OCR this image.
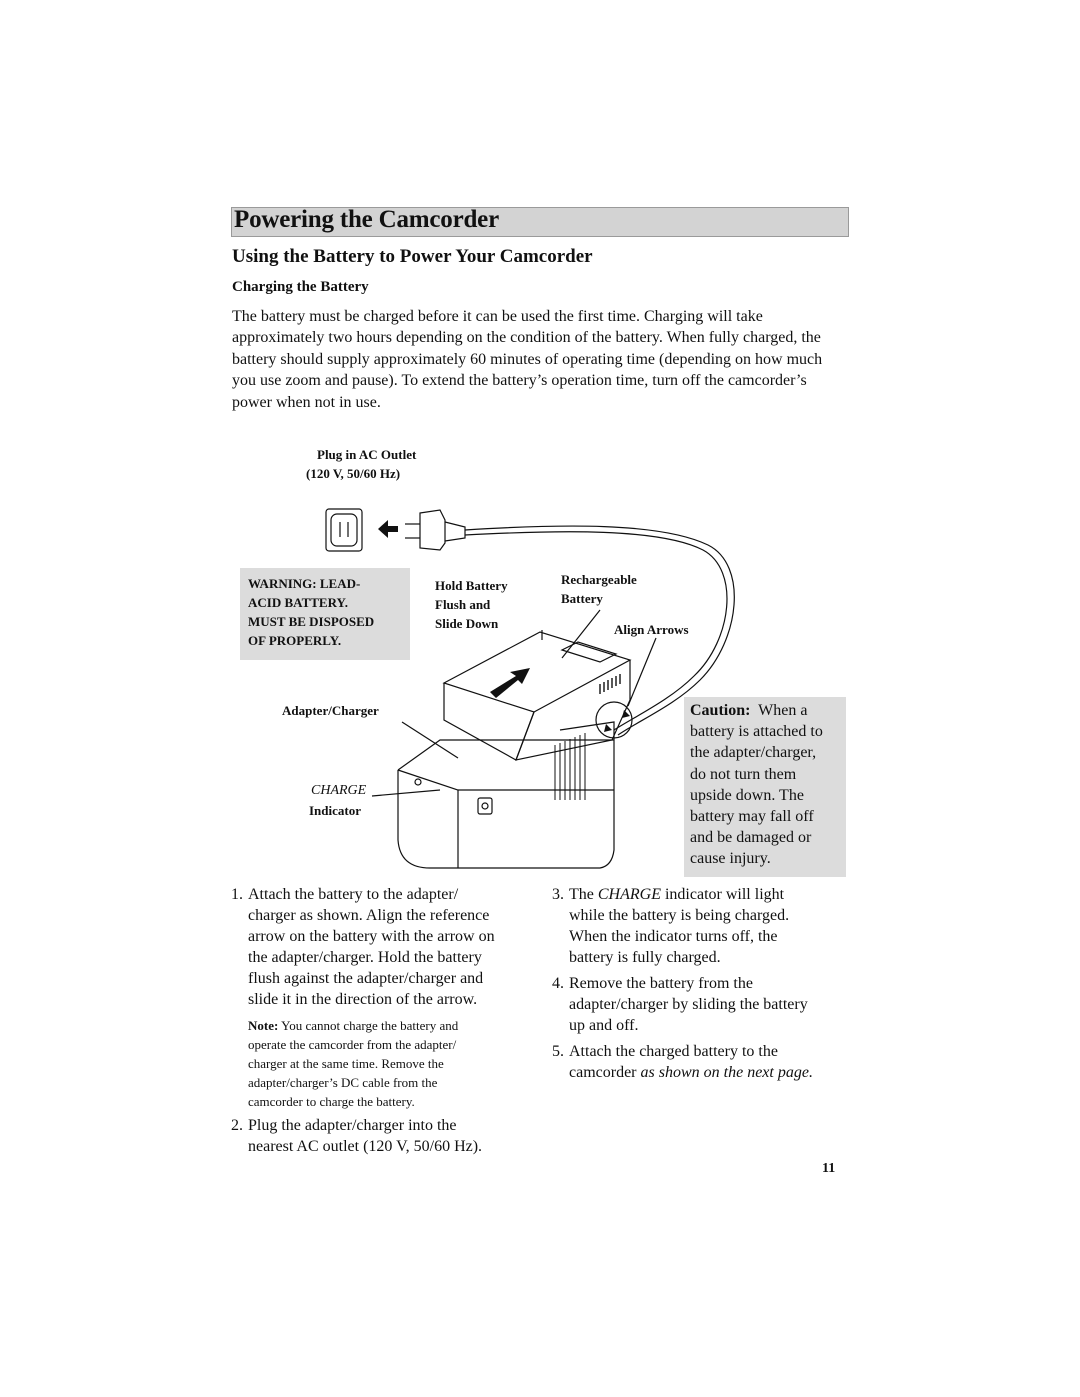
Powering the Camcorder
Using the Battery to Power Your Camcorder
Charging the Battery

The battery must be charged before it can be used the first time. Charging will take approximately two hours depending on the condition of the battery. When fully charged, the battery should supply approximately 60 minutes of operating time (depending on how much you use zoom and pause). To extend the battery’s operation time, turn off the camcorder’s power when not in use.

Plug in AC Outlet
(120 V, 50/60 Hz)
WARNING: LEAD-
ACID BATTERY.
MUST BE DISPOSED
OF PROPERLY.
Hold Battery
Flush and
Slide Down
Rechargeable
Battery
Align Arrows
Adapter/Charger
CHARGE
Indicator
Caution: When a
battery is attached to
the adapter/charger,
do not turn them
upside down. The
battery may fall off
and be damaged or
cause injury.
1. Attach the battery to the adapter/
charger as shown. Align the reference
arrow on the battery with the arrow on
the adapter/charger. Hold the battery
flush against the adapter/charger and
slide it in the direction of the arrow.
Note: You cannot charge the battery and
operate the camcorder from the adapter/
charger at the same time. Remove the
adapter/charger’s DC cable from the
camcorder to charge the battery.
2. Plug the adapter/charger into the
nearest AC outlet (120 V, 50/60 Hz).
3. The CHARGE indicator will light
while the battery is being charged.
When the indicator turns off, the
battery is fully charged.
4. Remove the battery from the
adapter/charger by sliding the battery
up and off.
5. Attach the charged battery to the
camcorder as shown on the next page.
11
